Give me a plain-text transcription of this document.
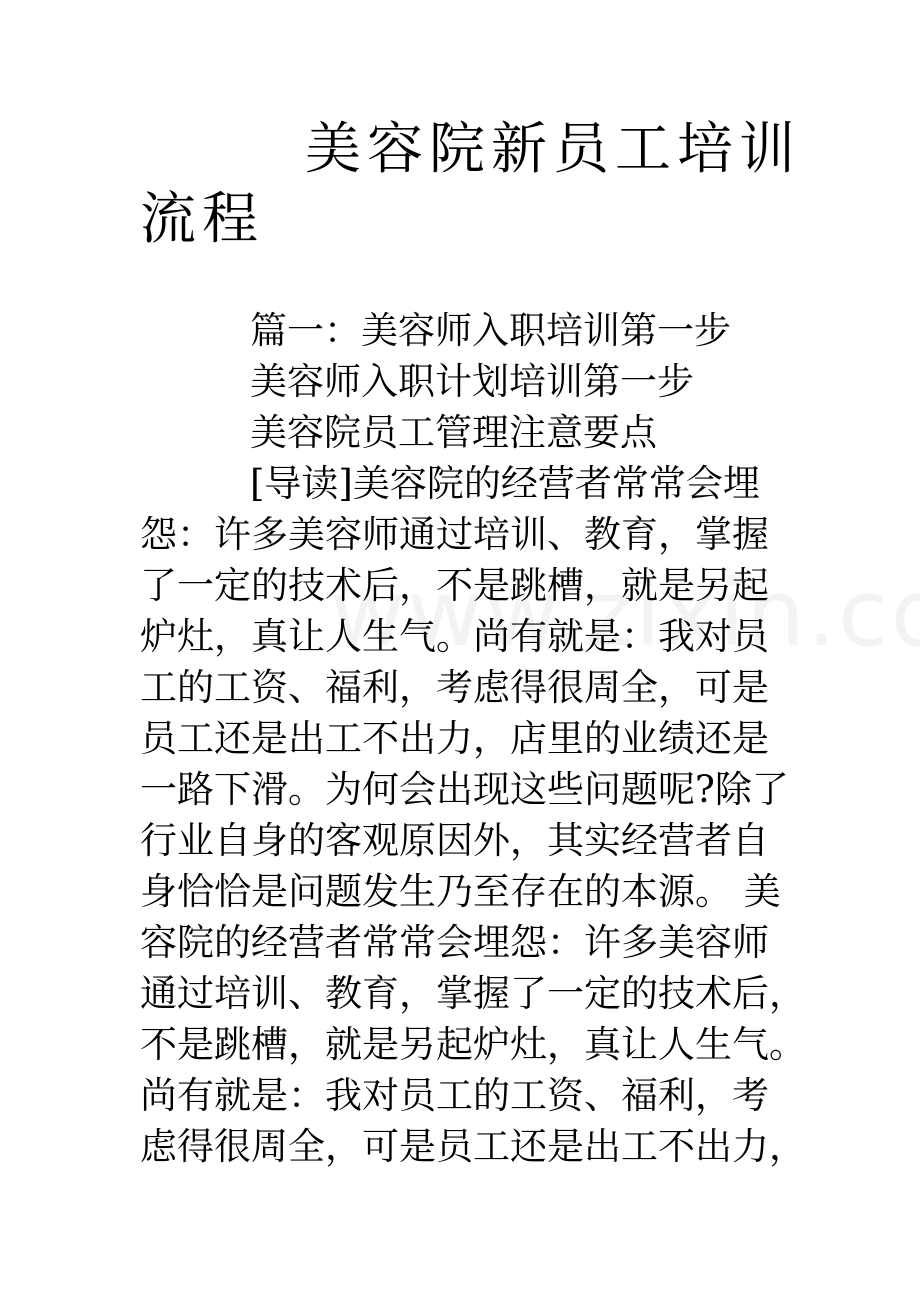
美容院新员工培训
流程
篇一：美容师入职培训第一步
美容师入职计划培训第一步
美容院员工管理注意要点
[导读]美容院的经营者常常会埋
怨：许多美容师通过培训、教育，掌握
了一定的技术后，不是跳槽，就是另起
炉灶，真让人生气。尚有就是：我对员
工的工资、福利，考虑得很周全，可是
员工还是出工不出力，店里的业绩还是
一路下滑。为何会出现这些问题呢?除了
行业自身的客观原因外，其实经营者自
身恰恰是问题发生乃至存在的本源。 美
容院的经营者常常会埋怨：许多美容师
通过培训、教育，掌握了一定的技术后，
不是跳槽，就是另起炉灶，真让人生气。
尚有就是：我对员工的工资、福利，考
虑得很周全，可是员工还是出工不出力，
